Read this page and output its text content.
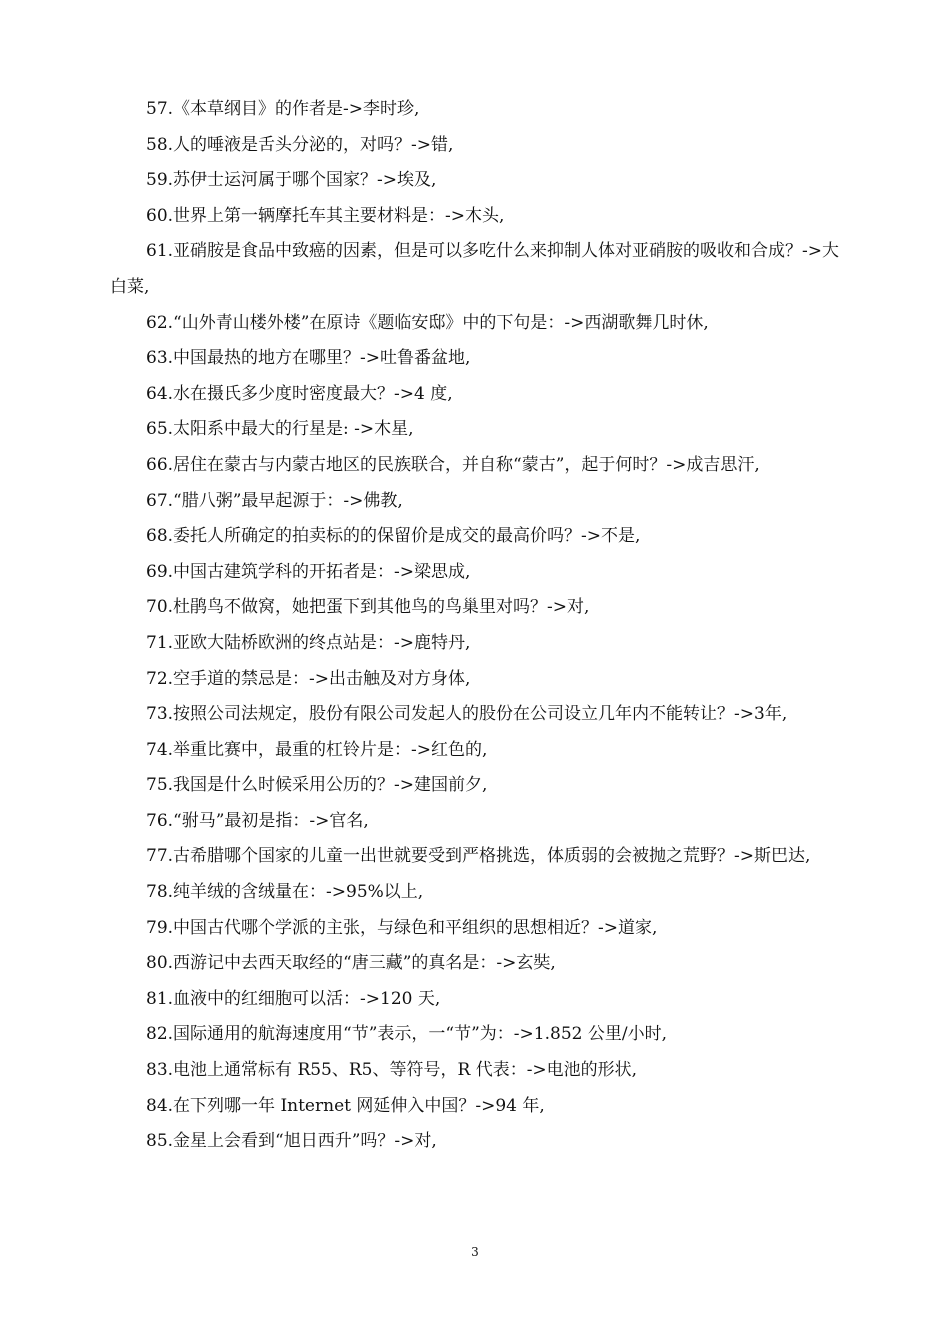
57.《本草纲目》的作者是->李时珍,

58.人的唾液是舌头分泌的，对吗？->错,

59.苏伊士运河属于哪个国家？->埃及,

60.世界上第一辆摩托车其主要材料是：->木头,

61.亚硝胺是食品中致癌的因素，但是可以多吃什么来抑制人体对亚硝胺的吸收和合成？->大白菜,

62.“山外青山楼外楼”在原诗《题临安邸》中的下句是：->西湖歌舞几时休,

63.中国最热的地方在哪里？->吐鲁番盆地,

64.水在摄氏多少度时密度最大？->4 度,

65.太阳系中最大的行星是: ->木星,

66.居住在蒙古与内蒙古地区的民族联合，并自称“蒙古”，起于何时？->成吉思汗,

67.“腊八粥”最早起源于：->佛教,

68.委托人所确定的拍卖标的的保留价是成交的最高价吗？->不是,

69.中国古建筑学科的开拓者是：->梁思成,

70.杜鹃鸟不做窝，她把蛋下到其他鸟的鸟巢里对吗？->对,

71.亚欧大陆桥欧洲的终点站是：->鹿特丹,

72.空手道的禁忌是：->出击触及对方身体,

73.按照公司法规定，股份有限公司发起人的股份在公司设立几年内不能转让？->3年,

74.举重比赛中，最重的杠铃片是：->红色的,

75.我国是什么时候采用公历的？->建国前夕,

76.“驸马”最初是指：->官名,

77.古希腊哪个国家的儿童一出世就要受到严格挑选，体质弱的会被抛之荒野？->斯巴达,

78.纯羊绒的含绒量在：->95%以上,

79.中国古代哪个学派的主张，与绿色和平组织的思想相近？->道家,

80.西游记中去西天取经的“唐三藏”的真名是：->玄奘,

81.血液中的红细胞可以活：->120 天,

82.国际通用的航海速度用“节”表示，一“节”为：->1.852 公里/小时,

83.电池上通常标有 R55、R5、等符号，R 代表：->电池的形状,

84.在下列哪一年 Internet 网延伸入中国？->94 年,

85.金星上会看到“旭日西升”吗？->对,

3
